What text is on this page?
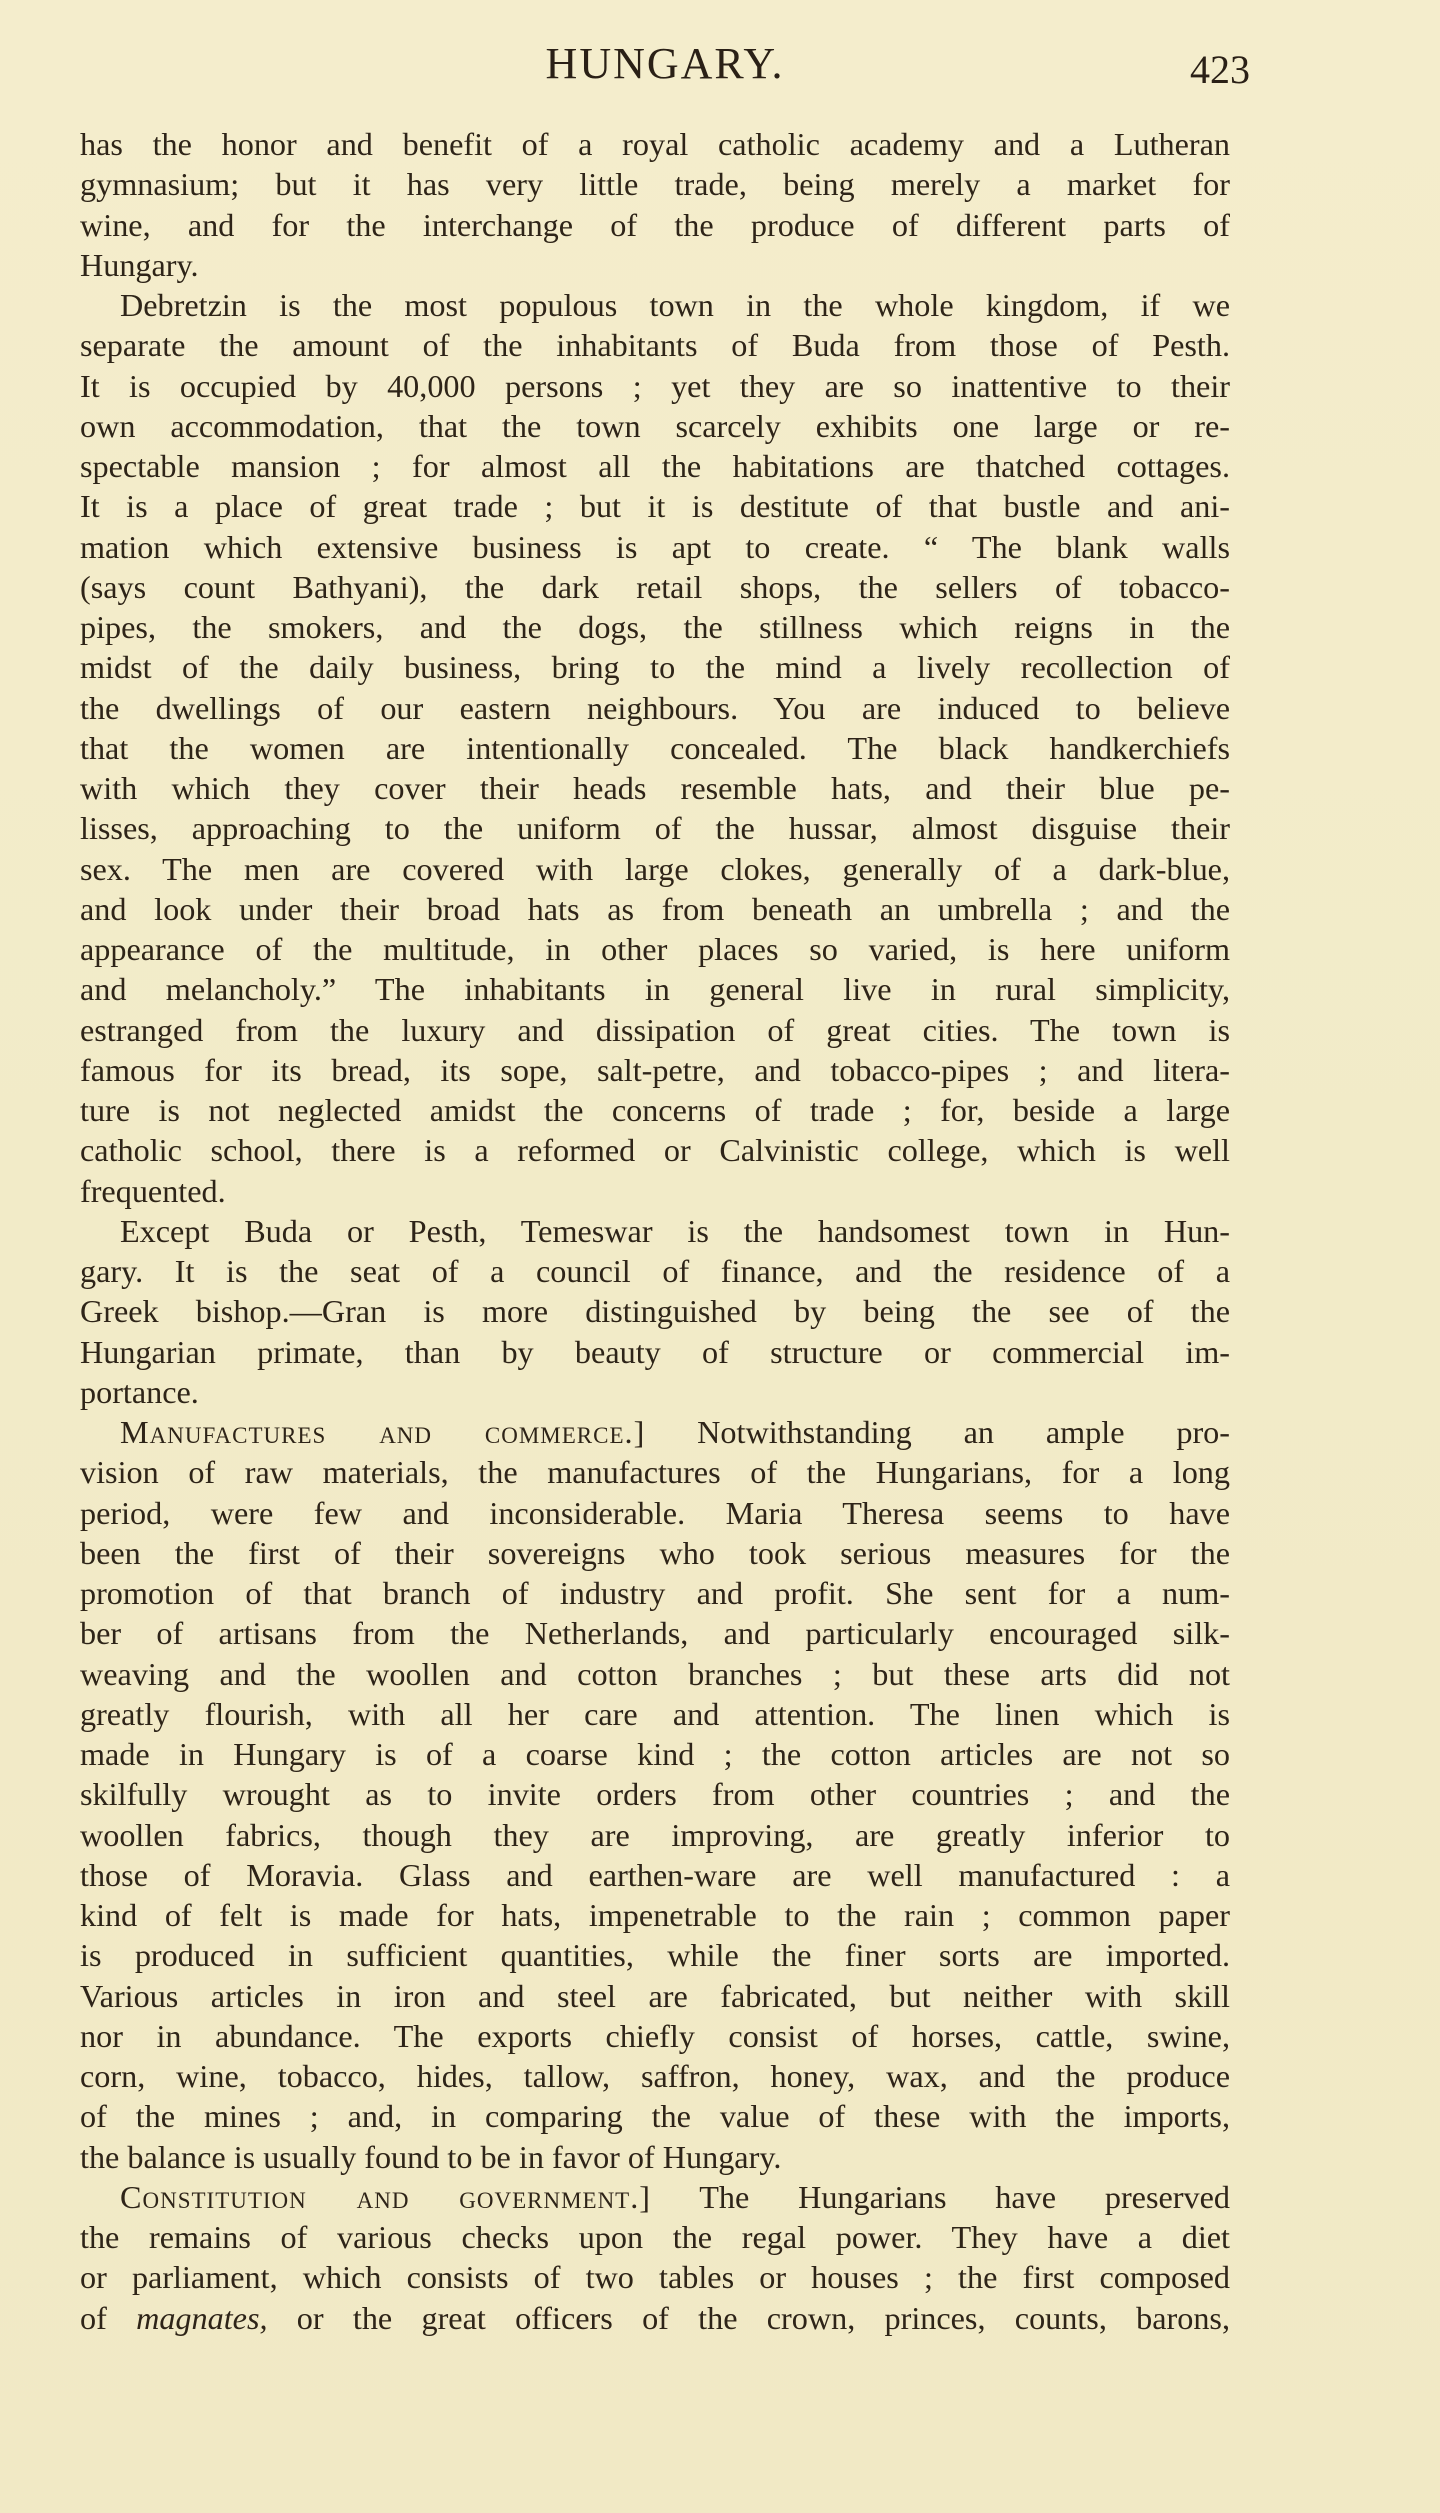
HUNGARY.	423
has the honor and benefit of a royal catholic academy and a Lutheran
gymnasium; but it has very little trade, being merely a market for
wine, and for the interchange of the produce of different parts of
Hungary.
Debretzin is the most populous town in the whole kingdom, if we
separate the amount of the inhabitants of Buda from those of Pesth.
It is occupied by 40,000 persons ; yet they are so inattentive to their
own accommodation, that the town scarcely exhibits one large or re-
spectable mansion ; for almost all the habitations are thatched cottages.
It is a place of great trade ; but it is destitute of that bustle and ani-
mation which extensive business is apt to create. “ The blank walls
(says count Bathyani), the dark retail shops, the sellers of tobacco-
pipes, the smokers, and the dogs, the stillness which reigns in the
midst of the daily business, bring to the mind a lively recollection of
the dwellings of our eastern neighbours. You are induced to believe
that the women are intentionally concealed. The black handkerchiefs
with which they cover their heads resemble hats, and their blue pe-
lisses, approaching to the uniform of the hussar, almost disguise their
sex. The men are covered with large clokes, generally of a dark-blue,
and look under their broad hats as from beneath an umbrella ; and the
appearance of the multitude, in other places so varied, is here uniform
and melancholy.” The inhabitants in general live in rural simplicity,
estranged from the luxury and dissipation of great cities. The town is
famous for its bread, its sope, salt-petre, and tobacco-pipes ; and litera-
ture is not neglected amidst the concerns of trade ; for, beside a large
catholic school, there is a reformed or Calvinistic college, which is well
frequented.
Except Buda or Pesth, Temeswar is the handsomest town in Hun-
gary. It is the seat of a council of finance, and the residence of a
Greek bishop.—Gran is more distinguished by being the see of the
Hungarian primate, than by beauty of structure or commercial im-
portance.
Manufactures and commerce.] Notwithstanding an ample pro-
vision of raw materials, the manufactures of the Hungarians, for a long
period, were few and inconsiderable. Maria Theresa seems to have
been the first of their sovereigns who took serious measures for the
promotion of that branch of industry and profit. She sent for a num-
ber of artisans from the Netherlands, and particularly encouraged silk-
weaving and the woollen and cotton branches ; but these arts did not
greatly flourish, with all her care and attention. The linen which is
made in Hungary is of a coarse kind ; the cotton articles are not so
skilfully wrought as to invite orders from other countries ; and the
woollen fabrics, though they are improving, are greatly inferior to
those of Moravia. Glass and earthen-ware are well manufactured : a
kind of felt is made for hats, impenetrable to the rain ; common paper
is produced in sufficient quantities, while the finer sorts are imported.
Various articles in iron and steel are fabricated, but neither with skill
nor in abundance. The exports chiefly consist of horses, cattle, swine,
corn, wine, tobacco, hides, tallow, saffron, honey, wax, and the produce
of the mines ; and, in comparing the value of these with the imports,
the balance is usually found to be in favor of Hungary.
Constitution and government.] The Hungarians have preserved
the remains of various checks upon the regal power. They have a diet
or parliament, which consists of two tables or houses ; the first composed
of magnates, or the great officers of the crown, princes, counts, barons,
